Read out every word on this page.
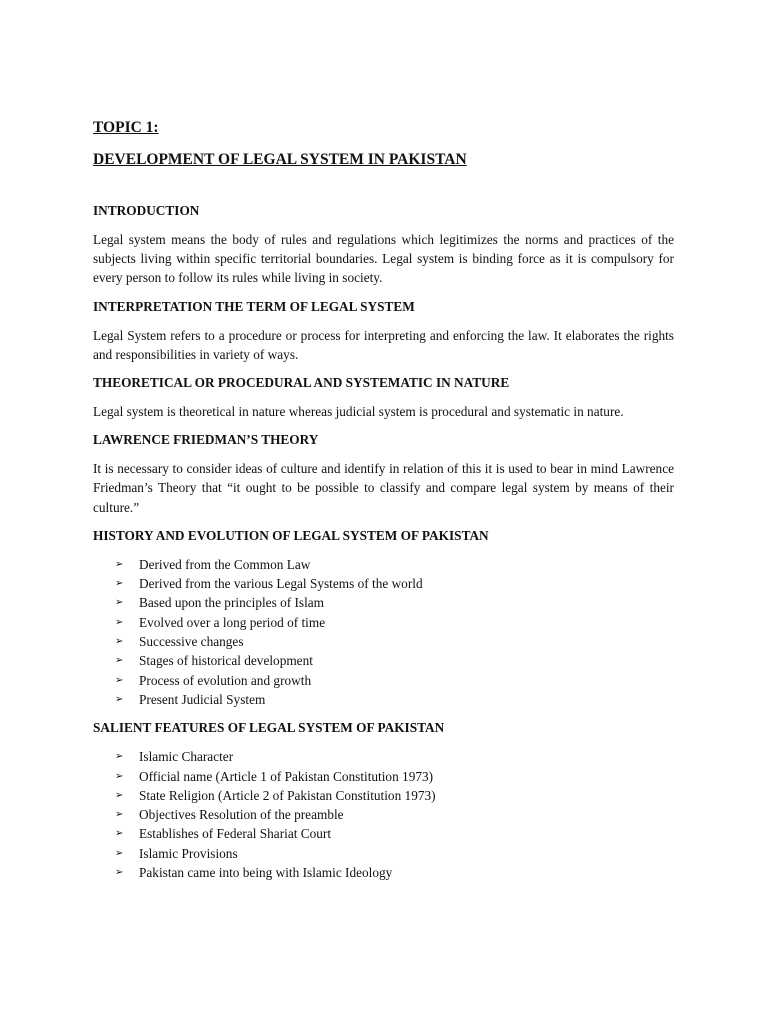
TOPIC 1:

DEVELOPMENT OF LEGAL SYSTEM IN PAKISTAN

INTRODUCTION

Legal system means the body of rules and regulations which legitimizes the norms and practices of the subjects living within specific territorial boundaries. Legal system is binding force as it is compulsory for every person to follow its rules while living in society.

INTERPRETATION THE TERM OF LEGAL SYSTEM

Legal System refers to a procedure or process for interpreting and enforcing the law. It elaborates the rights and responsibilities in variety of ways.

THEORETICAL OR PROCEDURAL AND SYSTEMATIC IN NATURE

Legal system is theoretical in nature whereas judicial system is procedural and systematic in nature.

LAWRENCE FRIEDMAN’S THEORY

It is necessary to consider ideas of culture and identify in relation of this it is used to bear in mind Lawrence Friedman’s Theory that “it ought to be possible to classify and compare legal system by means of their culture.”

HISTORY AND EVOLUTION OF LEGAL SYSTEM OF PAKISTAN

➢	Derived from the Common Law
➢	Derived from the various Legal Systems of the world
➢	Based upon the principles of Islam
➢	Evolved over a long period of time
➢	Successive changes
➢	Stages of historical development
➢	Process of evolution and growth
➢	Present Judicial System

SALIENT FEATURES OF LEGAL SYSTEM OF PAKISTAN

➢	Islamic Character
➢	Official name (Article 1 of Pakistan Constitution 1973)
➢	State Religion (Article 2 of Pakistan Constitution 1973)
➢	Objectives Resolution of the preamble
➢	Establishes of Federal Shariat Court
➢	Islamic Provisions
➢	Pakistan came into being with Islamic Ideology
